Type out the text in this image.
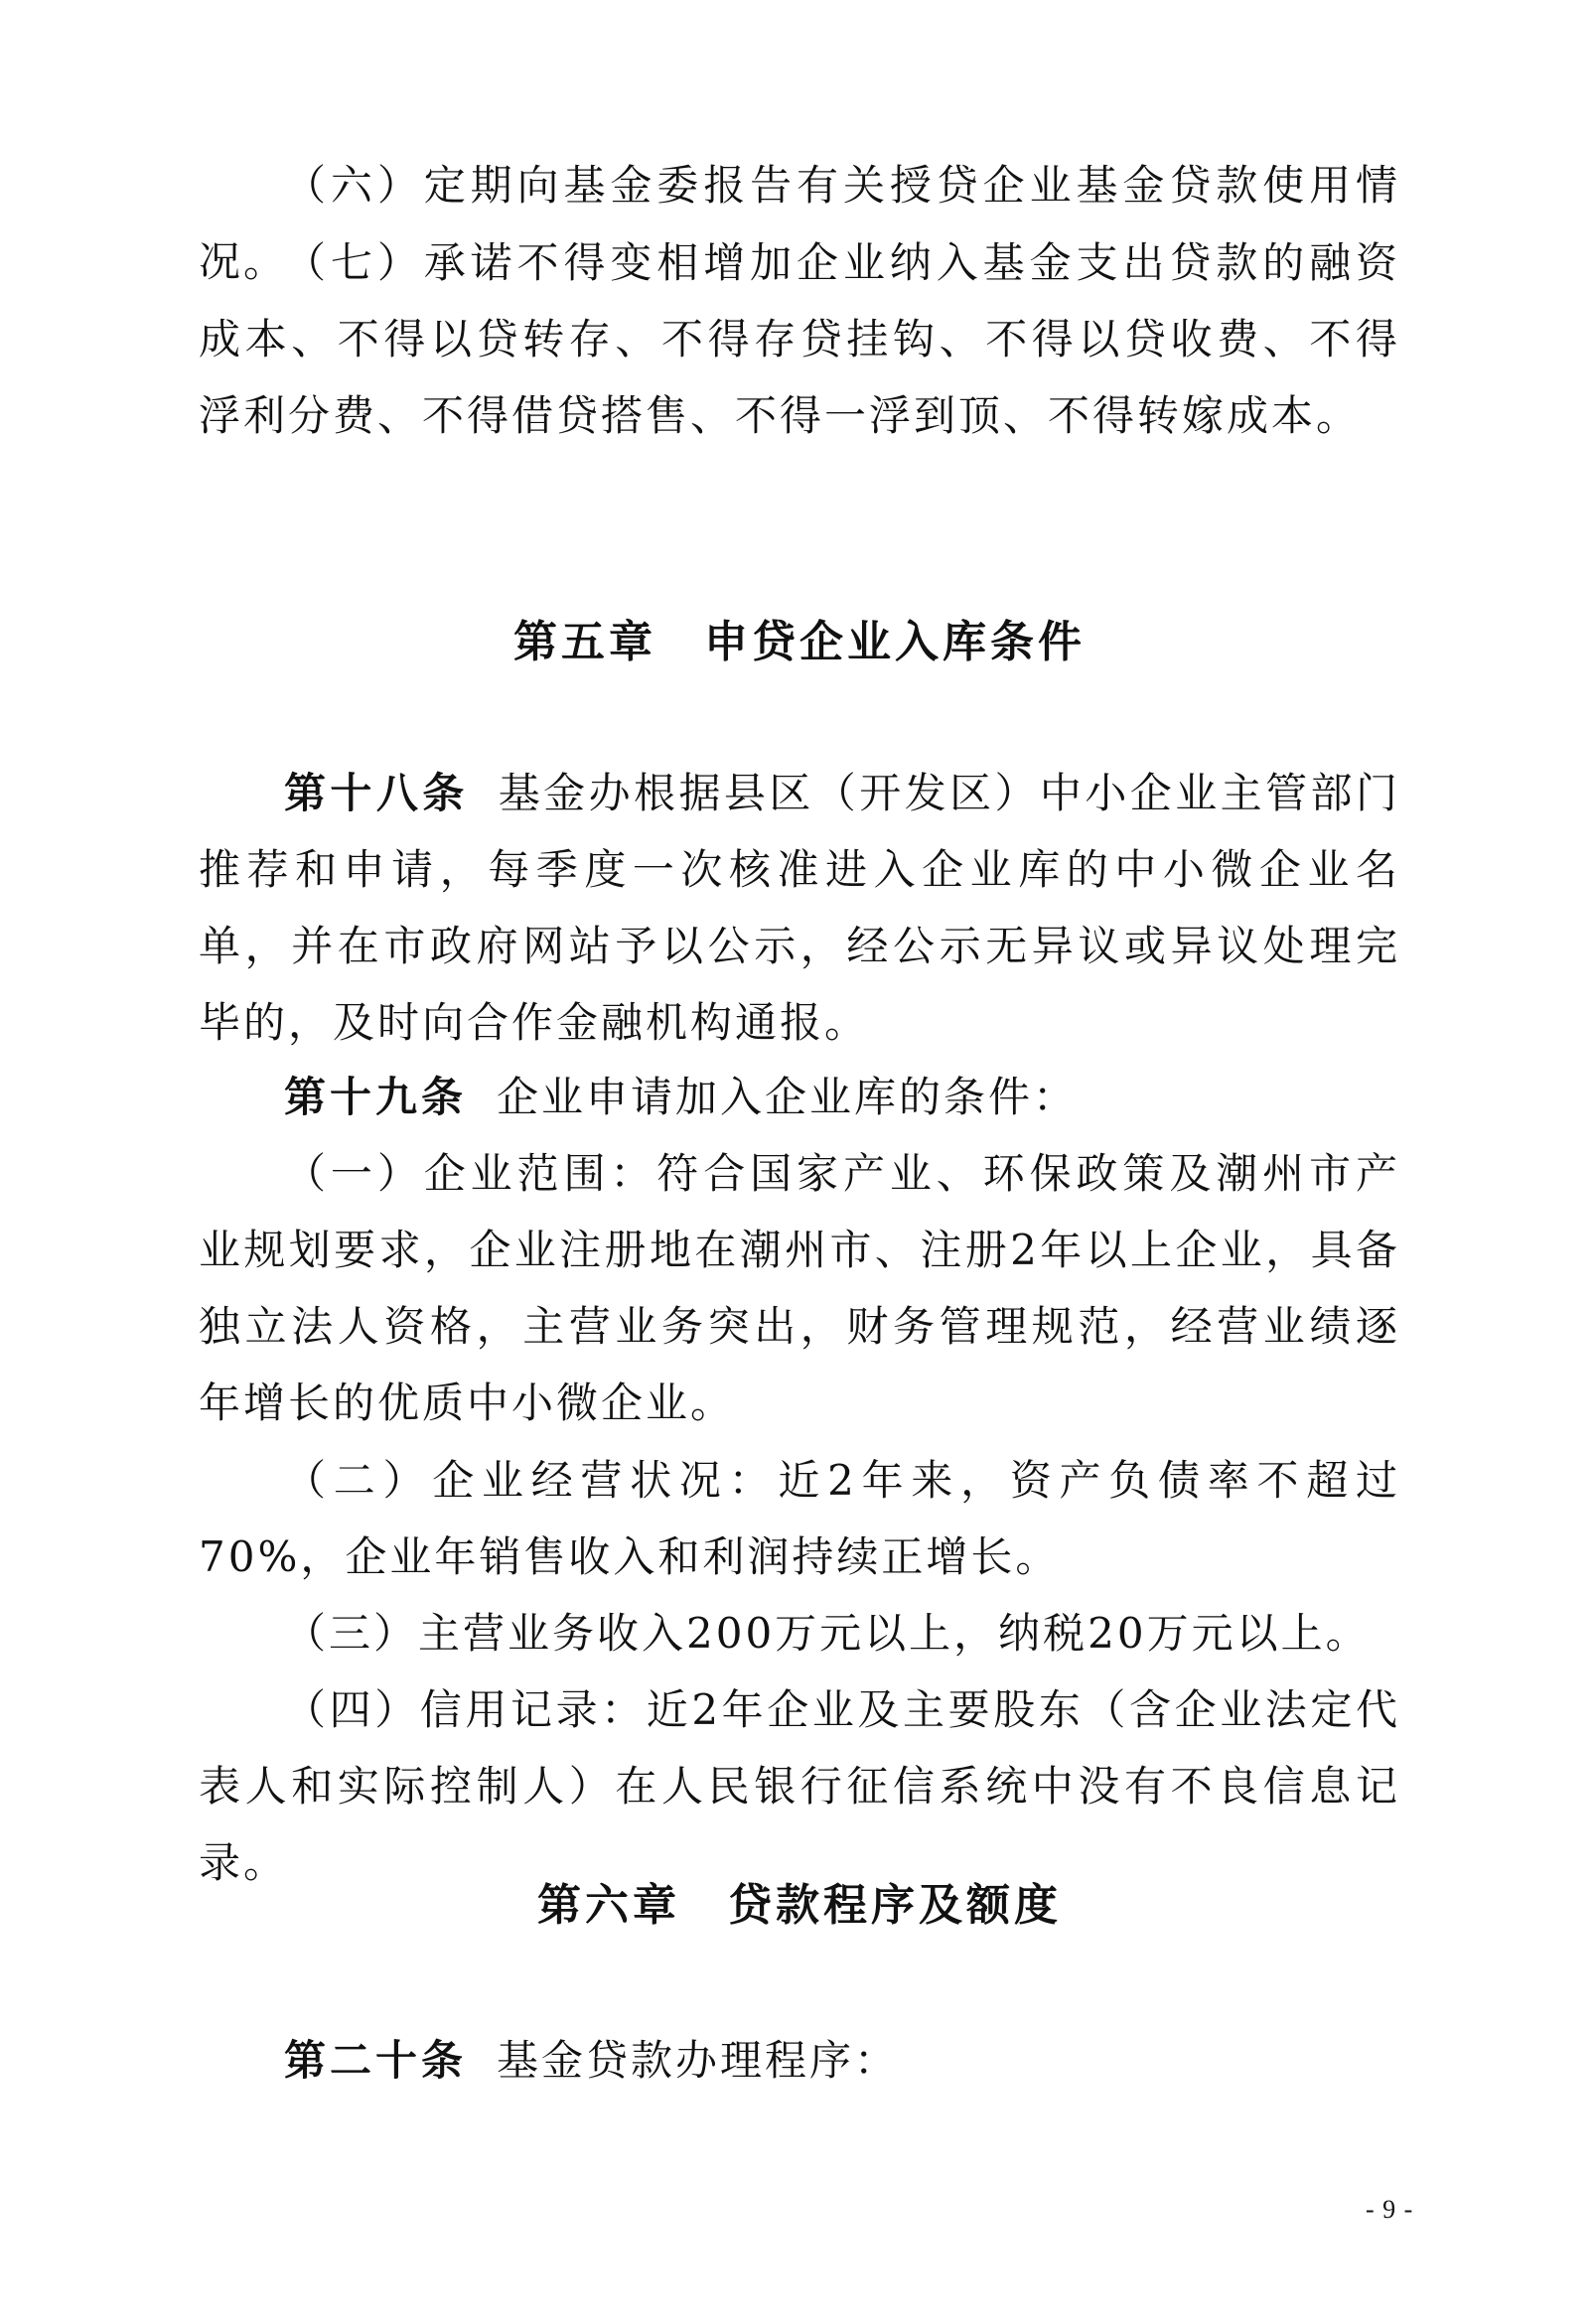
（六）定期向基金委报告有关授贷企业基金贷款使用情况。

（七）承诺不得变相增加企业纳入基金支出贷款的融资成本、不得以贷转存、不得存贷挂钩、不得以贷收费、不得浮利分费、不得借贷搭售、不得一浮到顶、不得转嫁成本。

第五章 申贷企业入库条件

第十八条 基金办根据县区（开发区）中小企业主管部门推荐和申请，每季度一次核准进入企业库的中小微企业名单，并在市政府网站予以公示，经公示无异议或异议处理完毕的，及时向合作金融机构通报。

第十九条 企业申请加入企业库的条件：

（一）企业范围：符合国家产业、环保政策及潮州市产业规划要求，企业注册地在潮州市、注册2年以上企业，具备独立法人资格，主营业务突出，财务管理规范，经营业绩逐年增长的优质中小微企业。

（二）企业经营状况：近2年来，资产负债率不超过70%，企业年销售收入和利润持续正增长。

（三）主营业务收入200万元以上，纳税20万元以上。

（四）信用记录：近2年企业及主要股东（含企业法定代表人和实际控制人）在人民银行征信系统中没有不良信息记录。

第六章 贷款程序及额度

第二十条 基金贷款办理程序：

- 9 -
